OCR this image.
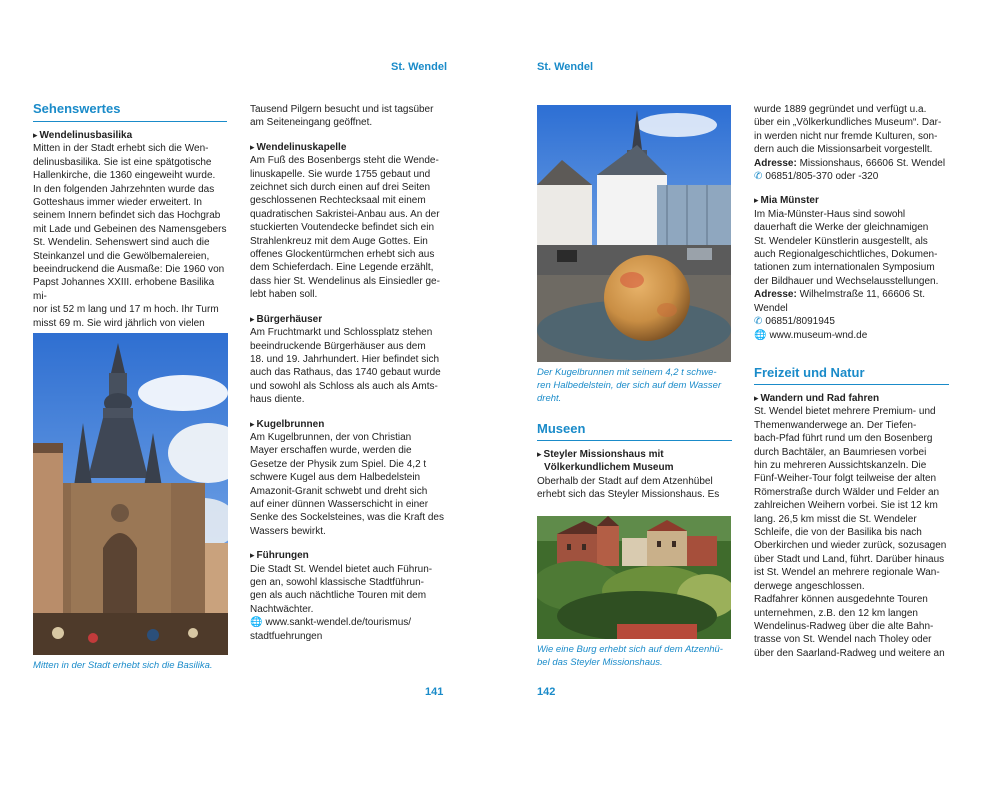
St. Wendel	St. Wendel
Sehenswertes

▸ Wendelinusbasilika

Mitten in der Stadt erhebt sich die Wen-

delinusbasilika. Sie ist eine spätgotische

Hallenkirche, die 1360 eingeweiht wurde.

In den folgenden Jahrzehnten wurde das

Gotteshaus immer wieder erweitert. In

seinem Innern befindet sich das Hochgrab

mit Lade und Gebeinen des Namensgebers

St. Wendelin. Sehenswert sind auch die

Steinkanzel und die Gewölbemalereien,

beeindruckend die Ausmaße: Die 1960 von

Papst Johannes XXIII. erhobene Basilika mi-

nor ist 52 m lang und 17 m hoch. Ihr Turm

misst 69 m. Sie wird jährlich von vielen

Mitten in der Stadt erhebt sich die Basilika.

Tausend Pilgern besucht und ist tagsüber

am Seiteneingang geöffnet.

▸ Wendelinuskapelle

Am Fuß des Bosenbergs steht die Wende-

linuskapelle. Sie wurde 1755 gebaut und

zeichnet sich durch einen auf drei Seiten

geschlossenen Rechtecksaal mit einem

quadratischen Sakristei-Anbau aus. An der

stuckierten Voutendecke befindet sich ein

Strahlenkreuz mit dem Auge Gottes. Ein

offenes Glockentürmchen erhebt sich aus

dem Schieferdach. Eine Legende erzählt,

dass hier St. Wendelinus als Einsiedler ge-

lebt haben soll.

▸ Bürgerhäuser

Am Fruchtmarkt und Schlossplatz stehen

beeindruckende Bürgerhäuser aus dem

18. und 19. Jahrhundert. Hier befindet sich

auch das Rathaus, das 1740 gebaut wurde

und sowohl als Schloss als auch als Amts-

haus diente.

▸ Kugelbrunnen

Am Kugelbrunnen, der von Christian

Mayer erschaffen wurde, werden die

Gesetze der Physik zum Spiel. Die 4,2 t

schwere Kugel aus dem Halbedelstein

Amazonit-Granit schwebt und dreht sich

auf einer dünnen Wasserschicht in einer

Senke des Sockelsteines, was die Kraft des

Wassers bewirkt.

▸ Führungen

Die Stadt St. Wendel bietet auch Führun-

gen an, sowohl klassische Stadtführun-

gen als auch nächtliche Touren mit dem

Nachtwächter.

🌐 www.sankt-wendel.de/tourismus/

stadtfuehrungen

141
Der Kugelbrunnen mit seinem 4,2 t schwe-
ren Halbedelstein, der sich auf dem Wasser
dreht.
Museen

▸ Steyler Missionshaus mit

Völkerkundlichem Museum

Oberhalb der Stadt auf dem Atzenhübel

erhebt sich das Steyler Missionshaus. Es

Wie eine Burg erhebt sich auf dem Atzenhü-
bel das Steyler Missionshaus.
142

wurde 1889 gegründet und verfügt u.a.

über ein „Völkerkundliches Museum“. Dar-

in werden nicht nur fremde Kulturen, son-

dern auch die Missionsarbeit vorgestellt.

Adresse: Missionshaus, 66606 St. Wendel

✆ 06851/805-370 oder -320

▸ Mia Münster

Im Mia-Münster-Haus sind sowohl

dauerhaft die Werke der gleichnamigen

St. Wendeler Künstlerin ausgestellt, als

auch Regionalgeschichtliches, Dokumen-

tationen zum internationalen Symposium

der Bildhauer und Wechselausstellungen.

Adresse: Wilhelmstraße 11, 66606 St.

Wendel

✆ 06851/8091945

🌐 www.museum-wnd.de

Freizeit und Natur

▸ Wandern und Rad fahren

St. Wendel bietet mehrere Premium- und

Themenwanderwege an. Der Tiefen-

bach-Pfad führt rund um den Bosenberg

durch Bachtäler, an Baumriesen vorbei

hin zu mehreren Aussichtskanzeln. Die

Fünf-Weiher-Tour folgt teilweise der alten

Römerstraße durch Wälder und Felder an

zahlreichen Weihern vorbei. Sie ist 12 km

lang. 26,5 km misst die St. Wendeler

Schleife, die von der Basilika bis nach

Oberkirchen und wieder zurück, sozusagen

über Stadt und Land, führt. Darüber hinaus

ist St. Wendel an mehrere regionale Wan-

derwege angeschlossen.

Radfahrer können ausgedehnte Touren

unternehmen, z.B. den 12 km langen

Wendelinus-Radweg über die alte Bahn-

trasse von St. Wendel nach Tholey oder

über den Saarland-Radweg und weitere an
